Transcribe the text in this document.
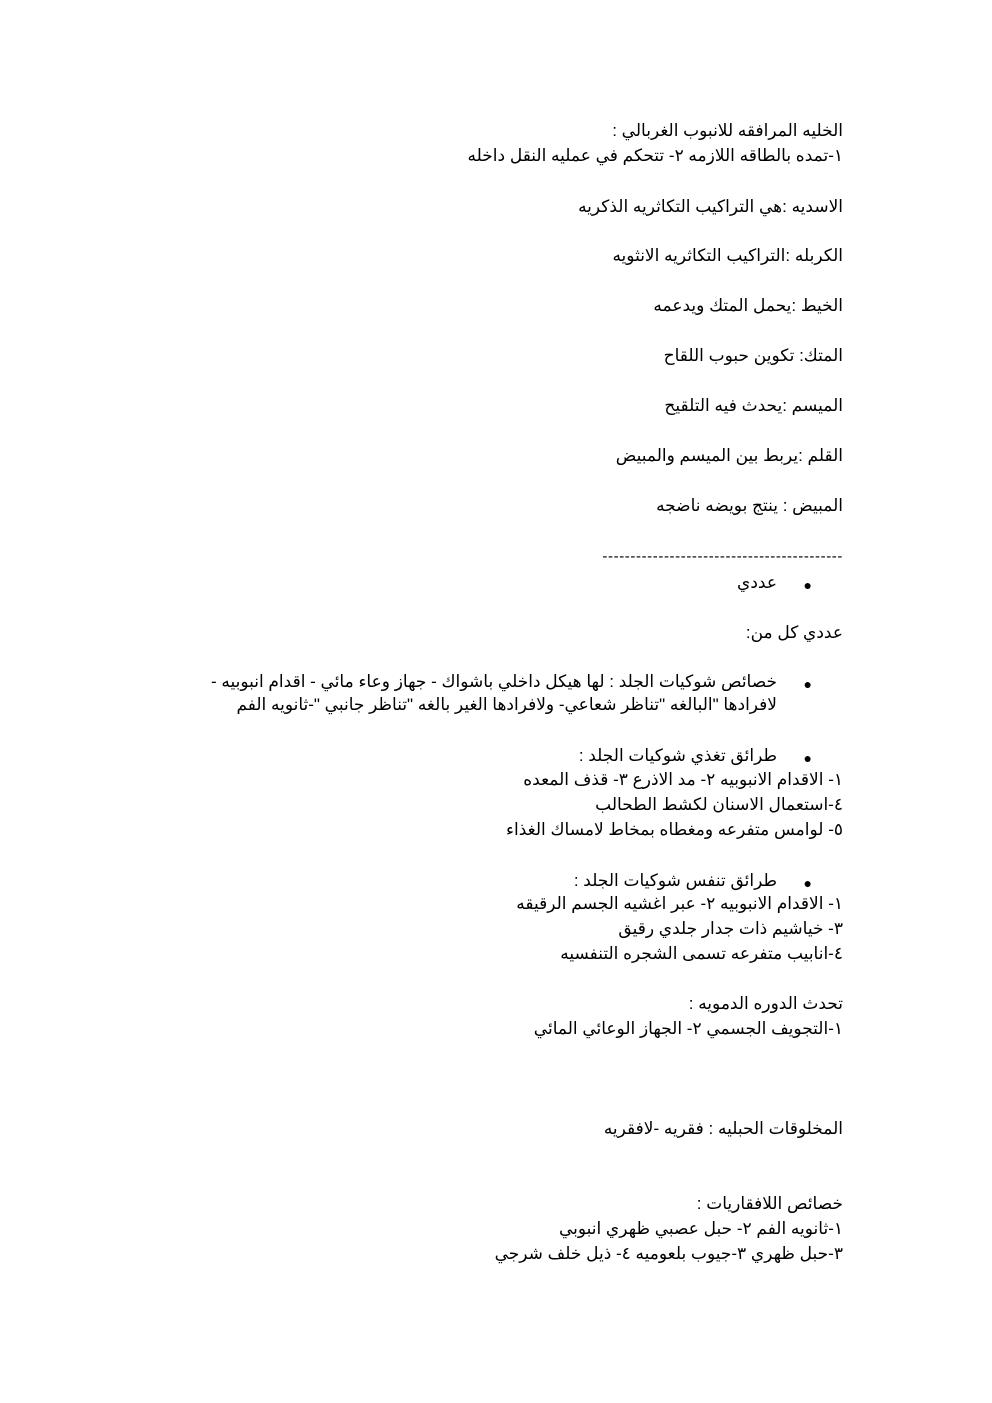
الخليه المرافقه للانبوب الغربالي :
١-تمده بالطاقه اللازمه ٢- تتحكم في عمليه النقل داخله
الاسديه :هي التراكيب التكاثريه الذكريه
الكربله :التراكيب التكاثريه الانثويه
الخيط :يحمل المتك ويدعمه
المتك: تكوين حبوب اللقاح
الميسم :يحدث فيه التلقيح
القلم :يربط بين الميسم والمبيض
المبيض : ينتج بويضه ناضجه
-------------------------------------------
●
عددي
عددي كل من:
●
خصائص شوكيات الجلد : لها هيكل داخلي باشواك - جهاز وعاء مائي - اقدام انبوبيه -
لافرادها "البالغه "تناظر شعاعي- ولافرادها الغير بالغه "تناظر جانبي "-ثانويه الفم
●
طرائق تغذي شوكيات الجلد :
١- الاقدام الانبوبيه ٢- مد الاذرع ٣- قذف المعده
٤-استعمال الاسنان لكشط الطحالب
٥- لوامس متفرعه ومغطاه بمخاط لامساك الغذاء
●
طرائق تنفس شوكيات الجلد :
١- الاقدام الانبوبيه ٢- عبر اغشيه الجسم الرقيقه
٣- خياشيم ذات جدار جلدي رقيق
٤-انابيب متفرعه تسمى الشجره التنفسيه
تحدث الدوره الدمويه :
١-التجويف الجسمي ٢- الجهاز الوعائي المائي
المخلوقات الحبليه : فقريه -لافقريه
خصائص اللافقاريات :
١-ثانويه الفم ٢- حبل عصبي ظهري انبوبي
٣-حبل ظهري ٣-جيوب بلعوميه ٤- ذيل خلف شرجي
